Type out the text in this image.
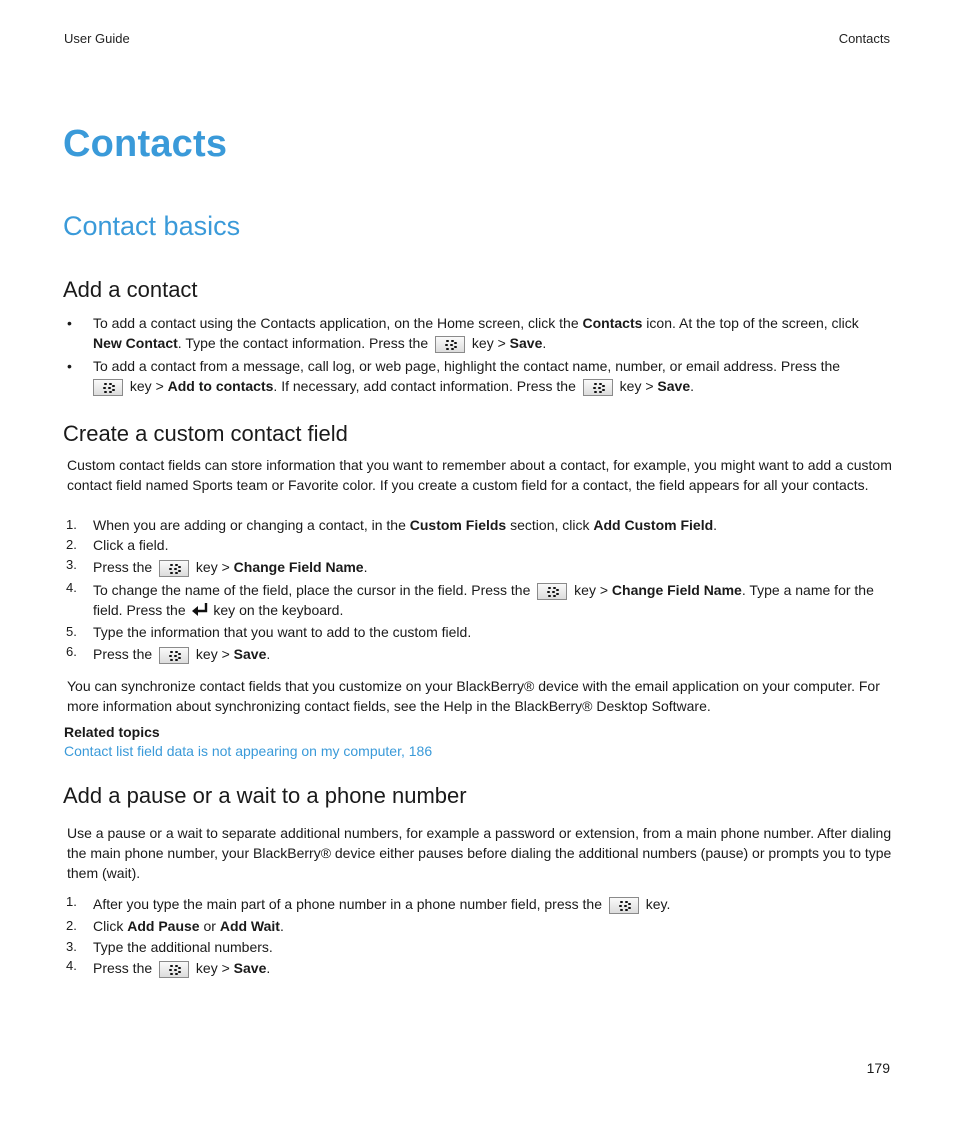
User Guide	Contacts
Contacts
Contact basics
Add a contact
• To add a contact using the Contacts application, on the Home screen, click the Contacts icon. At the top of the screen, click
New Contact. Type the contact information. Press the	key > Save.
• To add a contact from a message, call log, or web page, highlight the contact name, number, or email address. Press the

key > Add to contacts. If necessary, add contact information. Press the	key > Save.
Create a custom contact field
Custom contact fields can store information that you want to remember about a contact, for example, you might want to add a custom contact field named Sports team or Favorite color. If you create a custom field for a contact, the field appears for all your contacts.
1. When you are adding or changing a contact, in the Custom Fields section, click Add Custom Field.
2. Click a field.
3. Press the	key > Change Field Name.
4. To change the name of the field, place the cursor in the field. Press the	key > Change Field Name. Type a name for the field. Press the  key on the keyboard.
5. Type the information that you want to add to the custom field.
6. Press the	key > Save.
You can synchronize contact fields that you customize on your BlackBerry® device with the email application on your computer. For more information about synchronizing contact fields, see the Help in the BlackBerry® Desktop Software.
Related topics
Contact list field data is not appearing on my computer, 186
Add a pause or a wait to a phone number
Use a pause or a wait to separate additional numbers, for example a password or extension, from a main phone number. After dialing the main phone number, your BlackBerry® device either pauses before dialing the additional numbers (pause) or prompts you to type them (wait).
1. After you type the main part of a phone number in a phone number field, press the	key.
2. Click Add Pause or Add Wait.
3. Type the additional numbers.
4. Press the	key > Save.
179
